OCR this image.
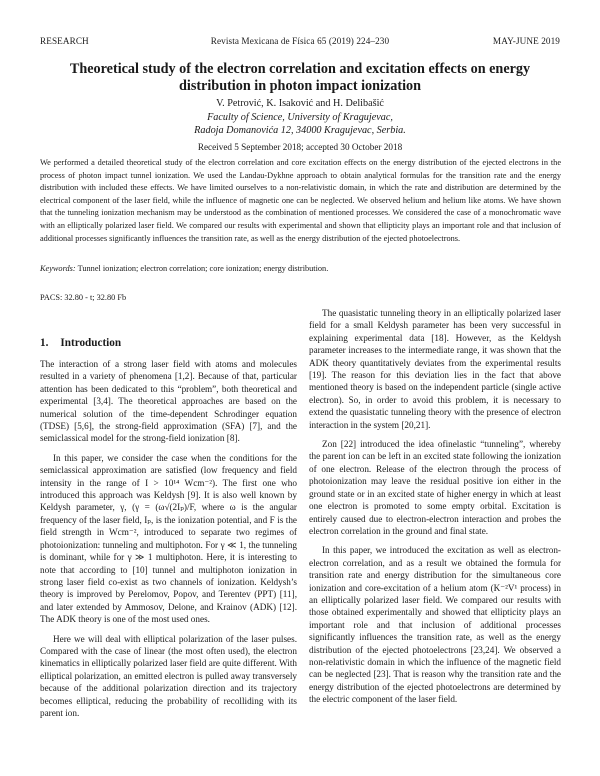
RESEARCH	Revista Mexicana de Física 65 (2019) 224–230	MAY-JUNE 2019
Theoretical study of the electron correlation and excitation effects on energy distribution in photon impact ionization
V. Petrović, K. Isaković and H. Delibašić
Faculty of Science, University of Kragujevac,
Radoja Domanovića 12, 34000 Kragujevac, Serbia.
Received 5 September 2018; accepted 30 October 2018
We performed a detailed theoretical study of the electron correlation and core excitation effects on the energy distribution of the ejected electrons in the process of photon impact tunnel ionization. We used the Landau-Dykhne approach to obtain analytical formulas for the transition rate and the energy distribution with included these effects. We have limited ourselves to a non-relativistic domain, in which the rate and distribution are determined by the electrical component of the laser field, while the influence of magnetic one can be neglected. We observed helium and helium like atoms. We have shown that the tunneling ionization mechanism may be understood as the combination of mentioned processes. We considered the case of a monochromatic wave with an elliptically polarized laser field. We compared our results with experimental and shown that ellipticity plays an important role and that inclusion of additional processes significantly influences the transition rate, as well as the energy distribution of the ejected photoelectrons.
Keywords: Tunnel ionization; electron correlation; core ionization; energy distribution.
PACS: 32.80 - t; 32.80 Fb
1. Introduction

The interaction of a strong laser field with atoms and molecules resulted in a variety of phenomena [1,2]. Because of that, particular attention has been dedicated to this “problem”, both theoretical and experimental [3,4]. The theoretical approaches are based on the numerical solution of the time-dependent Schrodinger equation (TDSE) [5,6], the strong-field approximation (SFA) [7], and the semiclassical model for the strong-field ionization [8].

In this paper, we consider the case when the conditions for the semiclassical approximation are satisfied (low frequency and field intensity in the range of I > 10¹⁴ Wcm⁻²). The first one who introduced this approach was Keldysh [9]. It is also well known by Keldysh parameter, γ, (γ = (ω√(2Iₚ)/F, where ω is the angular frequency of the laser field, Iₚ, is the ionization potential, and F is the field strength in Wcm⁻², introduced to separate two regimes of photoionization: tunneling and multiphoton. For γ ≪ 1, the tunneling is dominant, while for γ ≫ 1 multiphoton. Here, it is interesting to note that according to [10] tunnel and multiphoton ionization in strong laser field co-exist as two channels of ionization. Keldysh’s theory is improved by Perelomov, Popov, and Terentev (PPT) [11], and later extended by Ammosov, Delone, and Krainov (ADK) [12]. The ADK theory is one of the most used ones.

Here we will deal with elliptical polarization of the laser pulses. Compared with the case of linear (the most often used), the electron kinematics in elliptically polarized laser field are quite different. With elliptical polarization, an emitted electron is pulled away transversely because of the additional polarization direction and its trajectory becomes elliptical, reducing the probability of recolliding with its parent ion.

The quasistatic tunneling theory in an elliptically polarized laser field for a small Keldysh parameter has been very successful in explaining experimental data [18]. However, as the Keldysh parameter increases to the intermediate range, it was shown that the ADK theory quantitatively deviates from the experimental results [19]. The reason for this deviation lies in the fact that above mentioned theory is based on the independent particle (single active electron). So, in order to avoid this problem, it is necessary to extend the quasistatic tunneling theory with the presence of electron interaction in the system [20,21].

Zon [22] introduced the idea ofinelastic “tunneling”, whereby the parent ion can be left in an excited state following the ionization of one electron. Release of the electron through the process of photoionization may leave the residual positive ion either in the ground state or in an excited state of higher energy in which at least one electron is promoted to some empty orbital. Excitation is entirely caused due to electron-electron interaction and probes the electron correlation in the ground and final state.

In this paper, we introduced the excitation as well as electron-electron correlation, and as a result we obtained the formula for transition rate and energy distribution for the simultaneous core ionization and core-excitation of a helium atom (K⁻²V¹ process) in an elliptically polarized laser field. We compared our results with those obtained experimentally and showed that ellipticity plays an important role and that inclusion of additional processes significantly influences the transition rate, as well as the energy distribution of the ejected photoelectrons [23,24]. We observed a non-relativistic domain in which the influence of the magnetic field can be neglected [23]. That is reason why the transition rate and the energy distribution of the ejected photoelectrons are determined by the electric component of the laser field.
